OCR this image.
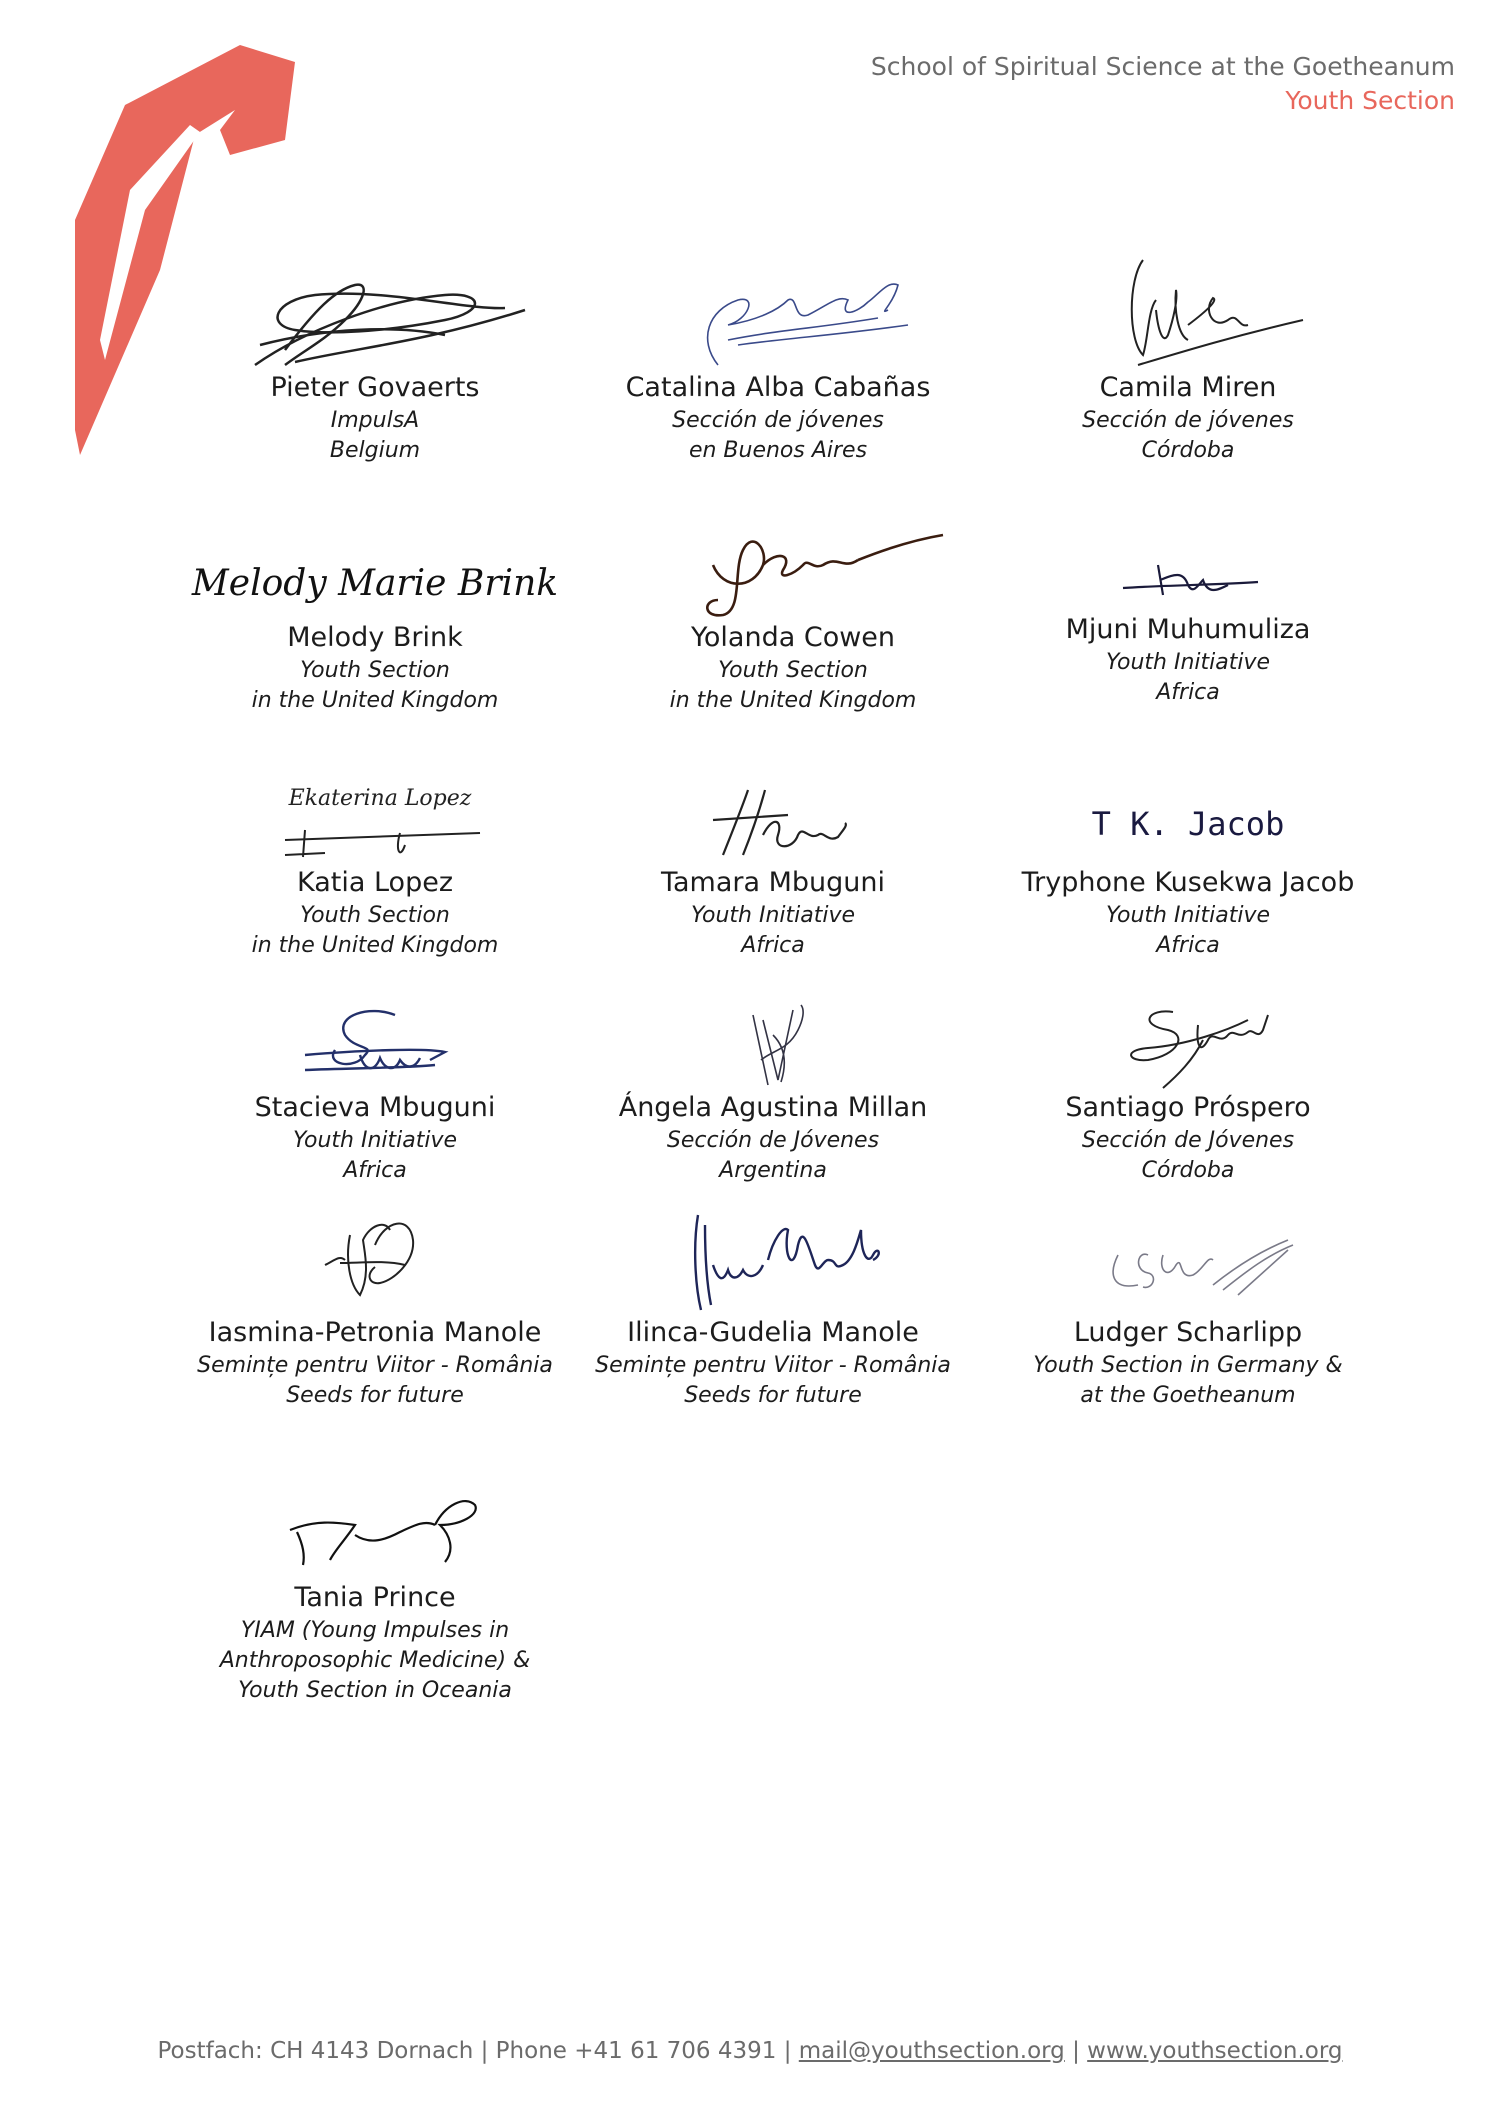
School of Spiritual Science at the Goetheanum
Youth Section
Pieter Govaerts
ImpulsA
Belgium
Catalina Alba Cabañas
Sección de jóvenes
en Buenos Aires
Camila Miren
Sección de jóvenes
Córdoba
Melody Marie Brink
Melody Brink
Youth Section
in the United Kingdom
Yolanda Cowen
Youth Section
in the United Kingdom
Mjuni Muhumuliza
Youth Initiative
Africa
Ekaterina Lopez
Katia Lopez
Youth Section
in the United Kingdom
Tamara Mbuguni
Youth Initiative
Africa
T K. Jacob
Tryphone Kusekwa Jacob
Youth Initiative
Africa
Stacieva Mbuguni
Youth Initiative
Africa
Ángela Agustina Millan
Sección de Jóvenes
Argentina
Santiago Próspero
Sección de Jóvenes
Córdoba
Iasmina-Petronia Manole
Semințe pentru Viitor - România
Seeds for future
Ilinca-Gudelia Manole
Semințe pentru Viitor - România
Seeds for future
Ludger Scharlipp
Youth Section in Germany &
at the Goetheanum
Tania Prince
YIAM (Young Impulses in
Anthroposophic Medicine) &
Youth Section in Oceania
Postfach: CH 4143 Dornach | Phone +41 61 706 4391 | mail@youthsection.org | www.youthsection.org
